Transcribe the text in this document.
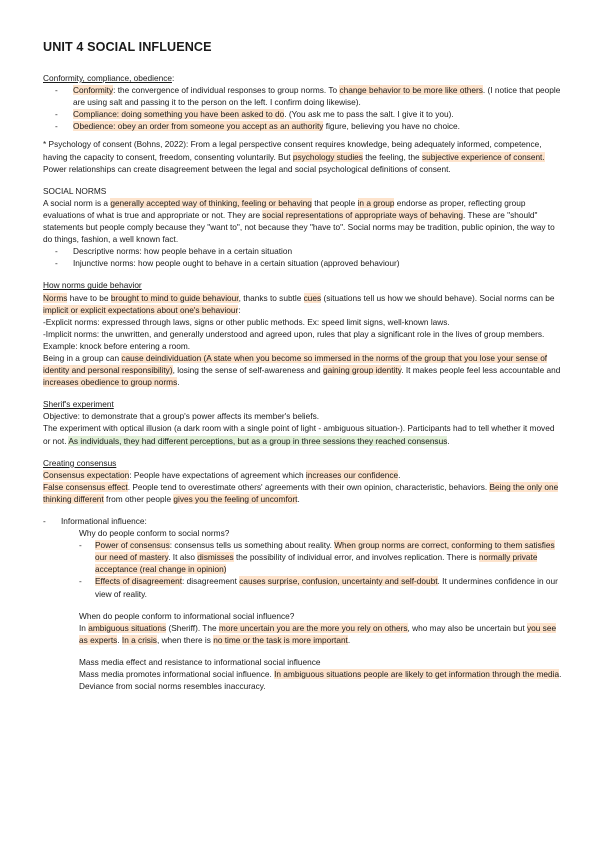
UNIT 4 SOCIAL INFLUENCE

Conformity, compliance, obedience:

- Conformity: the convergence of individual responses to group norms. To change behavior to be more like others. (I notice that people are using salt and passing it to the person on the left. I confirm doing likewise).
- Compliance: doing something you have been asked to do. (You ask me to pass the salt. I give it to you).
- Obedience: obey an order from someone you accept as an authority figure, believing you have no choice.

* Psychology of consent (Bohns, 2022): From a legal perspective consent requires knowledge, being adequately informed, competence, having the capacity to consent, freedom, consenting voluntarily. But psychology studies the feeling, the subjective experience of consent.

Power relationships can create disagreement between the legal and social psychological definitions of consent.

SOCIAL NORMS

A social norm is a generally accepted way of thinking, feeling or behaving that people in a group endorse as proper, reflecting group evaluations of what is true and appropriate or not. They are social representations of appropriate ways of behaving. These are "should" statements but people comply because they "want to", not because they "have to". Social norms may be tradition, public opinion, the way to do things, fashion, a well known fact.

- Descriptive norms: how people behave in a certain situation
- Injunctive norms: how people ought to behave in a certain situation (approved behaviour)

How norms guide behavior

Norms have to be brought to mind to guide behaviour, thanks to subtle cues (situations tell us how we should behave). Social norms can be implicit or explicit expectations about one's behaviour:

-Explicit norms: expressed through laws, signs or other public methods. Ex: speed limit signs, well-known laws.

-Implicit norms: the unwritten, and generally understood and agreed upon, rules that play a significant role in the lives of group members. Example: knock before entering a room.

Being in a group can cause deindividuation (A state when you become so immersed in the norms of the group that you lose your sense of identity and personal responsibility), losing the sense of self-awareness and gaining group identity. It makes people feel less accountable and increases obedience to group norms.

Sherif's experiment

Objective: to demonstrate that a group's power affects its member's beliefs.

The experiment with optical illusion (a dark room with a single point of light - ambiguous situation-). Participants had to tell whether it moved or not. As individuals, they had different perceptions, but as a group in three sessions they reached consensus.

Creating consensus

Consensus expectation: People have expectations of agreement which increases our confidence.

False consensus effect. People tend to overestimate others' agreements with their own opinion, characteristic, behaviors. Being the only one thinking different from other people gives you the feeling of uncomfort.

- Informational influence:

Why do people conform to social norms?

- Power of consensus: consensus tells us something about reality. When group norms are correct, conforming to them satisfies our need of mastery. It also dismisses the possibility of individual error, and involves replication. There is normally private acceptance (real change in opinion)
- Effects of disagreement: disagreement causes surprise, confusion, uncertainty and self-doubt. It undermines confidence in our view of reality.

When do people conform to informational social influence?

In ambiguous situations (Sheriff). The more uncertain you are the more you rely on others, who may also be uncertain but you see as experts. In a crisis, when there is no time or the task is more important.

Mass media effect and resistance to informational social influence

Mass media promotes informational social influence. In ambiguous situations people are likely to get information through the media. Deviance from social norms resembles inaccuracy.
